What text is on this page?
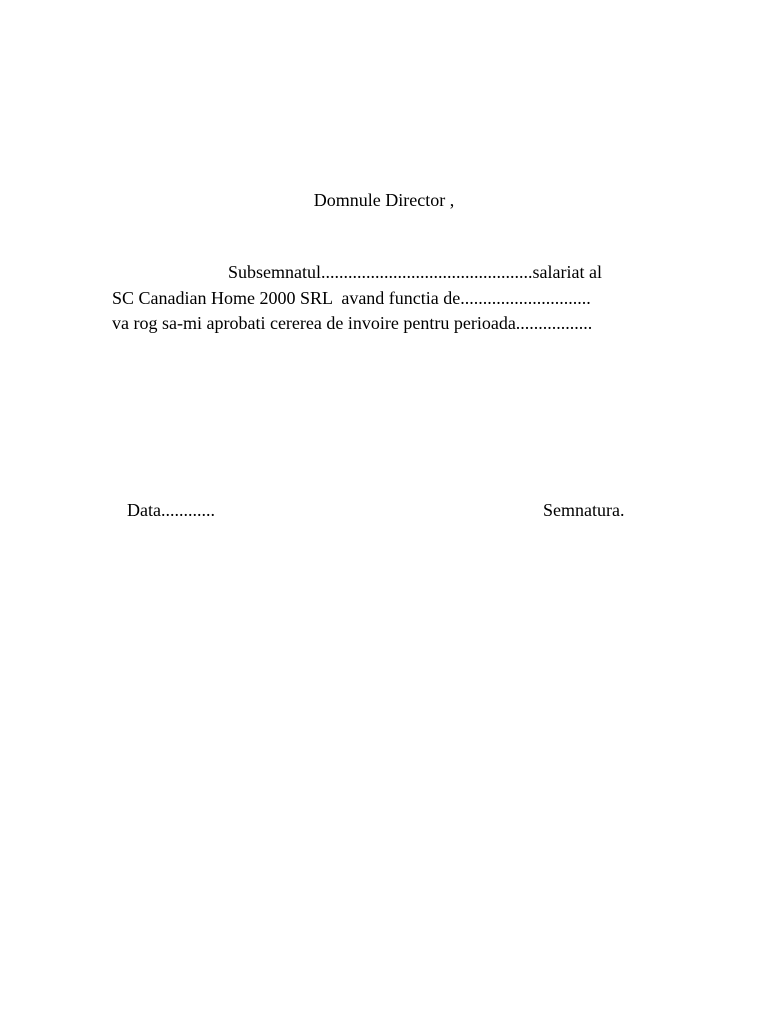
Domnule Director ,
Subsemnatul...............................................salariat al
SC Canadian Home 2000 SRL  avand functia de.............................
va rog sa-mi aprobati cererea de invoire pentru perioada.................
Data............	Semnatura.
